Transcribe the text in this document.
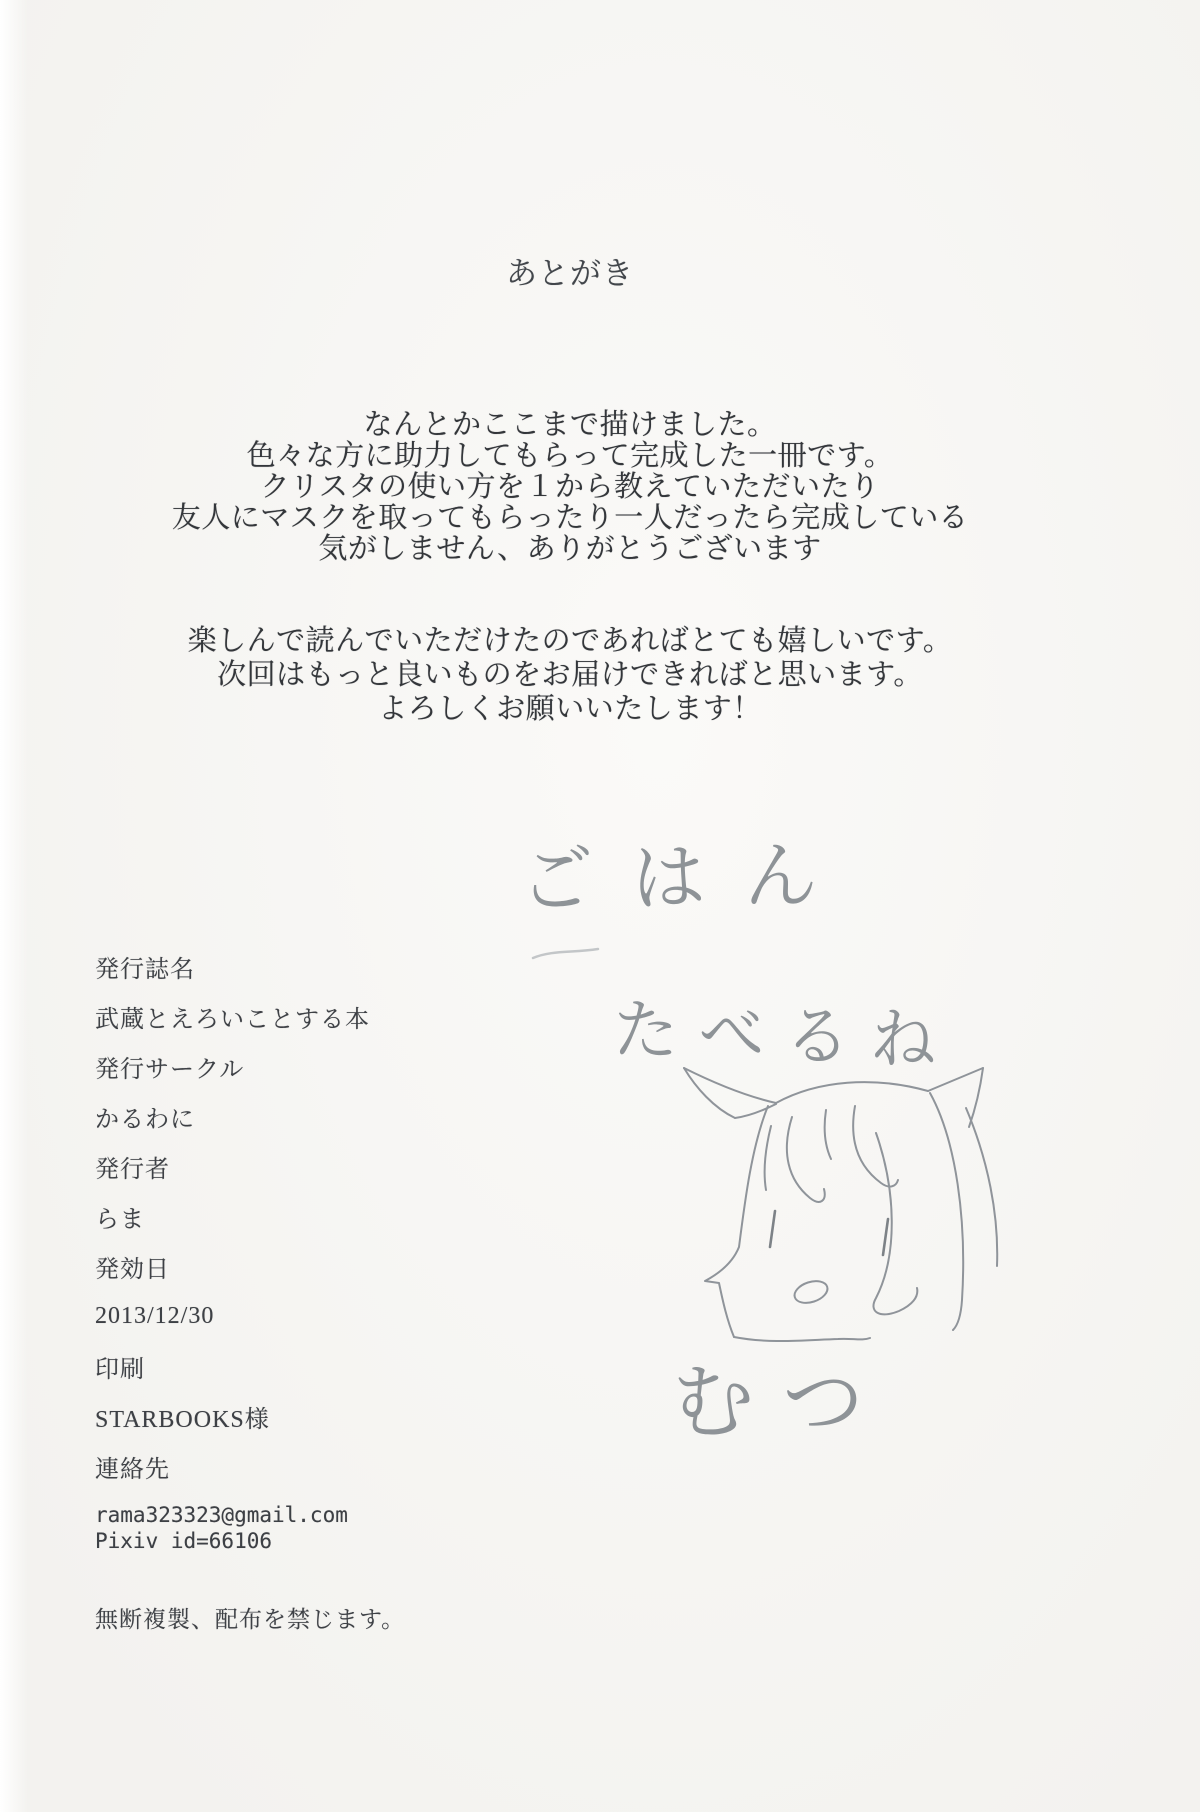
あとがき
なんとかここまで描けました。
色々な方に助力してもらって完成した一冊です。
クリスタの使い方を１から教えていただいたり
友人にマスクを取ってもらったり一人だったら完成している
気がしません、ありがとうございます
楽しんで読んでいただけたのであればとても嬉しいです。
次回はもっと良いものをお届けできればと思います。
よろしくお願いいたします！
発行誌名
武蔵とえろいことする本
発行サークル
かるわに
発行者
らま
発効日
2013/12/30
印刷
STARBOOKS様
連絡先
rama323323@gmail.com
Pixiv id=66106
無断複製、配布を禁じます。
ごはん
たべるね
むつ
